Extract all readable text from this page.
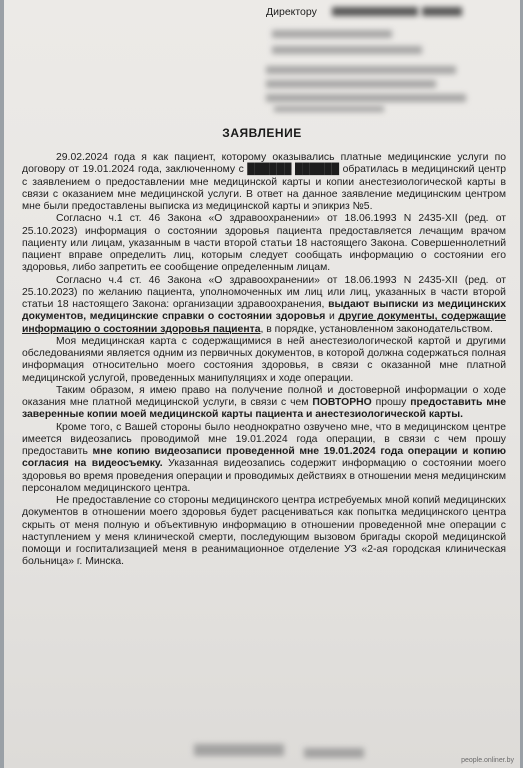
Директору
ЗАЯВЛЕНИЕ

29.02.2024 года я как пациент, которому оказывались платные медицинские услуги по договору от 19.01.2024 года, заключенному с ██████ ██████ обратилась в медицинский центр с заявлением о предоставлении мне медицинской карты и копии анестезиологической карты в связи с оказанием мне медицинской услуги. В ответ на данное заявление медицинским центром мне были предоставлены выписка из медицинской карты и эпикриз №5.

Согласно ч.1 ст. 46 Закона «О здравоохранении» от 18.06.1993 N 2435-XII (ред. от 25.10.2023) информация о состоянии здоровья пациента предоставляется лечащим врачом пациенту или лицам, указанным в части второй статьи 18 настоящего Закона. Совершеннолетний пациент вправе определить лиц, которым следует сообщать информацию о состоянии его здоровья, либо запретить ее сообщение определенным лицам.

Согласно ч.4 ст. 46 Закона «О здравоохранении» от 18.06.1993 N 2435-XII (ред. от 25.10.2023) по желанию пациента, уполномоченных им лиц или лиц, указанных в части второй статьи 18 настоящего Закона: организации здравоохранения, выдают выписки из медицинских документов, медицинские справки о состоянии здоровья и другие документы, содержащие информацию о состоянии здоровья пациента, в порядке, установленном законодательством.

Моя медицинская карта с содержащимися в ней анестезиологической картой и другими обследованиями является одним из первичных документов, в которой должна содержаться полная информация относительно моего состояния здоровья, в связи с оказанной мне платной медицинской услугой, проведенных манипуляциях и ходе операции.

Таким образом, я имею право на получение полной и достоверной информации о ходе оказания мне платной медицинской услуги, в связи с чем ПОВТОРНО прошу предоставить мне заверенные копии моей медицинской карты пациента и анестезиологической карты.

Кроме того, с Вашей стороны было неоднократно озвучено мне, что в медицинском центре имеется видеозапись проводимой мне 19.01.2024 года операции, в связи с чем прошу предоставить мне копию видеозаписи проведенной мне 19.01.2024 года операции и копию согласия на видеосъемку. Указанная видеозапись содержит информацию о состоянии моего здоровья во время проведения операции и проводимых действиях в отношении меня медицинским персоналом медицинского центра.

Не предоставление со стороны медицинского центра истребуемых мной копий медицинских документов в отношении моего здоровья будет расцениваться как попытка медицинского центра скрыть от меня полную и объективную информацию в отношении проведенной мне операции с наступлением у меня клинической смерти, последующим вызовом бригады скорой медицинской помощи и госпитализацией меня в реанимационное отделение УЗ «2-ая городская клиническая больница» г. Минска.

people.onliner.by
